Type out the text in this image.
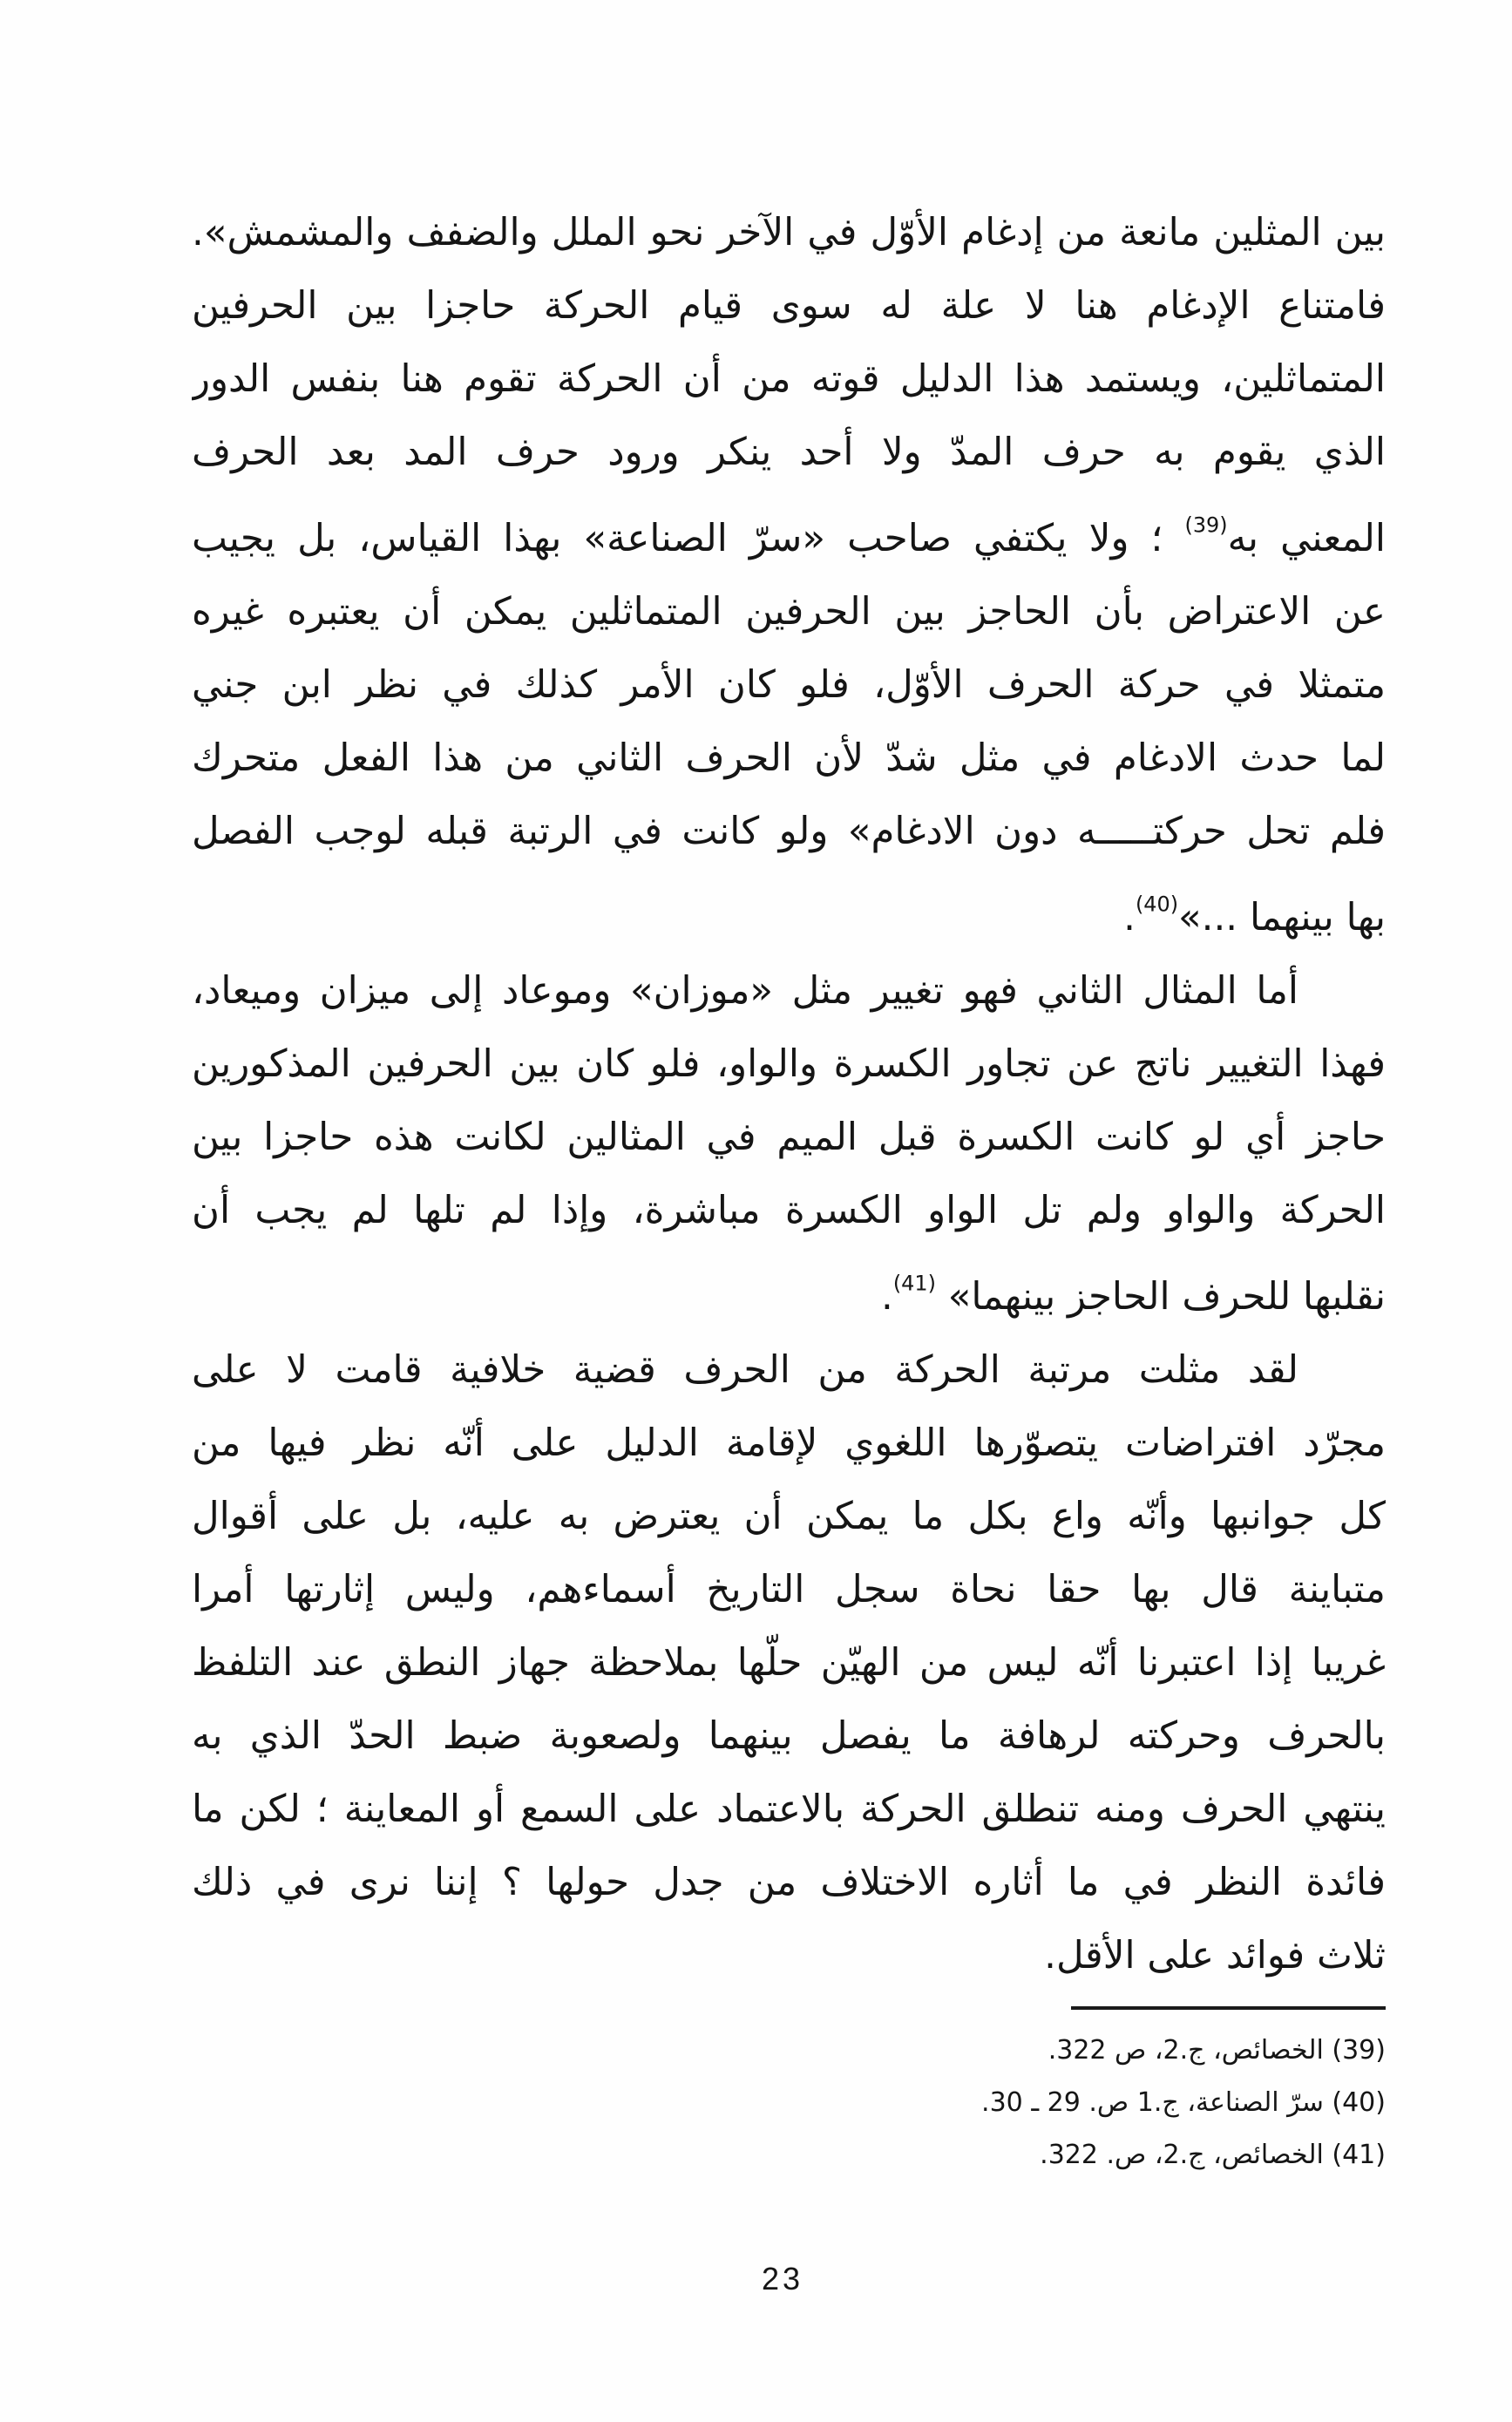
بين المثلين مانعة من إدغام الأوّل في الآخر نحو الملل والضفف والمشمش».
فامتناع الإدغام هنا لا علة له سوى قيام الحركة حاجزا بين الحرفين
المتماثلين، ويستمد هذا الدليل قوته من أن الحركة تقوم هنا بنفس الدور
الذي يقوم به حرف المدّ ولا أحد ينكر ورود حرف المد بعد الحرف
المعني به$^{(39)}$ ؛ ولا يكتفي صاحب «سرّ الصناعة» بهذا القياس، بل يجيب
عن الاعتراض بأن الحاجز بين الحرفين المتماثلين يمكن أن يعتبره غيره
متمثلا في حركة الحرف الأوّل، فلو كان الأمر كذلك في نظر ابن جني
لما حدث الادغام في مثل شدّ لأن الحرف الثاني من هذا الفعل متحرك
فلم تحل حركتـــــه دون الادغام» ولو كانت في الرتبة قبله لوجب الفصل
بها بينهما ...»$^{(40)}$.
أما المثال الثاني فهو تغيير مثل «موزان» وموعاد إلى ميزان وميعاد،
فهذا التغيير ناتج عن تجاور الكسرة والواو، فلو كان بين الحرفين المذكورين
حاجز أي لو كانت الكسرة قبل الميم في المثالين لكانت هذه حاجزا بين
الحركة والواو ولم تل الواو الكسرة مباشرة، وإذا لم تلها لم يجب أن
نقلبها للحرف الحاجز بينهما» $^{(41)}$.
لقد مثلت مرتبة الحركة من الحرف قضية خلافية قامت لا على
مجرّد افتراضات يتصوّرها اللغوي لإقامة الدليل على أنّه نظر فيها من
كل جوانبها وأنّه واع بكل ما يمكن أن يعترض به عليه، بل على أقوال
متباينة قال بها حقا نحاة سجل التاريخ أسماءهم، وليس إثارتها أمرا
غريبا إذا اعتبرنا أنّه ليس من الهيّن حلّها بملاحظة جهاز النطق عند التلفظ
بالحرف وحركته لرهافة ما يفصل بينهما ولصعوبة ضبط الحدّ الذي به
ينتهي الحرف ومنه تنطلق الحركة بالاعتماد على السمع أو المعاينة ؛ لكن ما
فائدة النظر في ما أثاره الاختلاف من جدل حولها ؟ إننا نرى في ذلك
ثلاث فوائد على الأقل.
(39) الخصائص، ج.2، ص 322.
(40) سرّ الصناعة، ج.1 ص. 29 ـ 30.
(41) الخصائص، ج.2، ص. 322.
23
